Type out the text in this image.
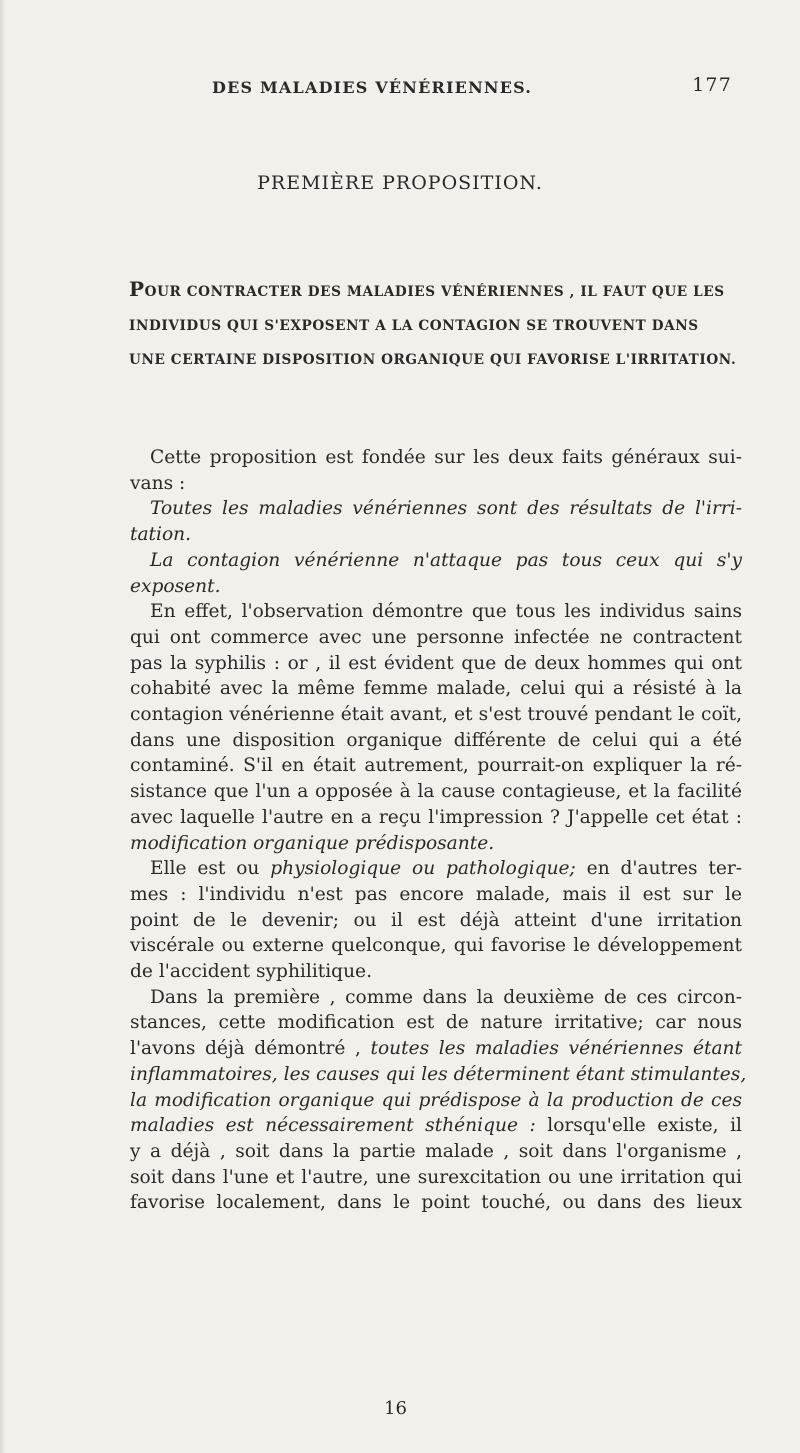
DES MALADIES VÉNÉRIENNES.	177
PREMIÈRE PROPOSITION.
POUR CONTRACTER DES MALADIES VÉNÉRIENNES , IL FAUT QUE LES
INDIVIDUS QUI S'EXPOSENT A LA CONTAGION SE TROUVENT DANS
UNE CERTAINE DISPOSITION ORGANIQUE QUI FAVORISE L'IRRITATION.
Cette proposition est fondée sur les deux faits généraux sui-
vans :
Toutes les maladies vénériennes sont des résultats de l'irri-
tation.
La contagion vénérienne n'attaque pas tous ceux qui s'y
exposent.
En effet, l'observation démontre que tous les individus sains
qui ont commerce avec une personne infectée ne contractent
pas la syphilis : or , il est évident que de deux hommes qui ont
cohabité avec la même femme malade, celui qui a résisté à la
contagion vénérienne était avant, et s'est trouvé pendant le coït,
dans une disposition organique différente de celui qui a été
contaminé. S'il en était autrement, pourrait-on expliquer la ré-
sistance que l'un a opposée à la cause contagieuse, et la facilité
avec laquelle l'autre en a reçu l'impression ? J'appelle cet état :
modification organique prédisposante.
Elle est ou physiologique ou pathologique; en d'autres ter-
mes : l'individu n'est pas encore malade, mais il est sur le
point de le devenir; ou il est déjà atteint d'une irritation
viscérale ou externe quelconque, qui favorise le développement
de l'accident syphilitique.
Dans la première , comme dans la deuxième de ces circon-
stances, cette modification est de nature irritative; car nous
l'avons déjà démontré , toutes les maladies vénériennes étant
inflammatoires, les causes qui les déterminent étant stimulantes,
la modification organique qui prédispose à la production de ces
maladies est nécessairement sthénique : lorsqu'elle existe, il
y a déjà , soit dans la partie malade , soit dans l'organisme ,
soit dans l'une et l'autre, une surexcitation ou une irritation qui
favorise localement, dans le point touché, ou dans des lieux
16
